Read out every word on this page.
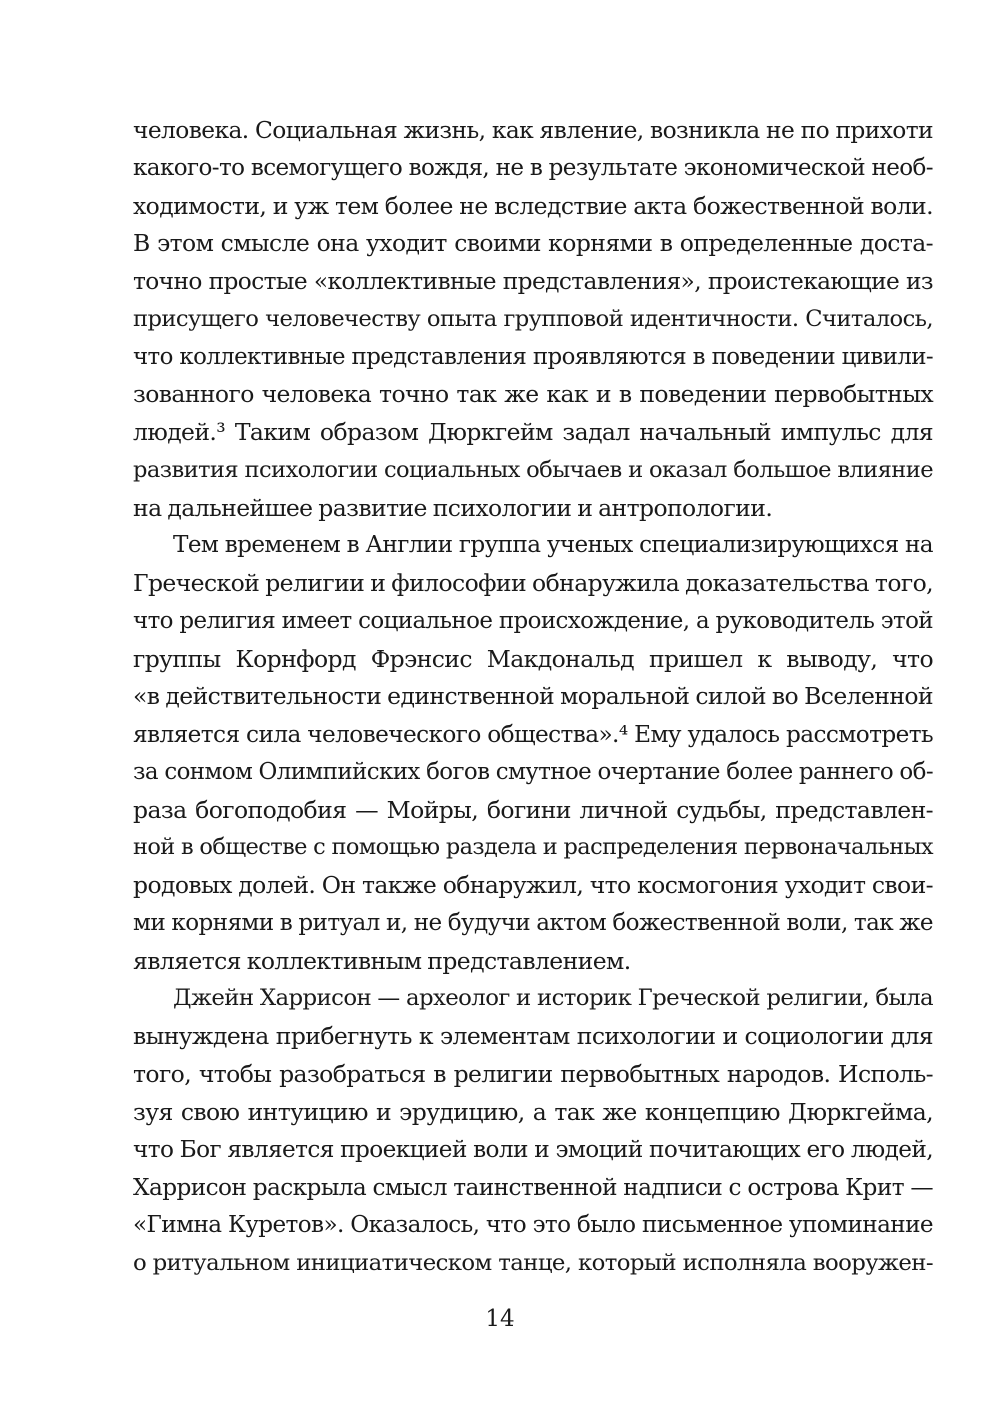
человека. Социальная жизнь, как явление, возникла не по прихоти
какого-то всемогущего вождя, не в результате экономической необ-
ходимости, и уж тем более не вследствие акта божественной воли.
В этом смысле она уходит своими корнями в определенные доста-
точно простые «коллективные представления», проистекающие из
присущего человечеству опыта групповой идентичности. Считалось,
что коллективные представления проявляются в поведении цивили-
зованного человека точно так же как и в поведении первобытных
людей.³ Таким образом Дюркгейм задал начальный импульс для
развития психологии социальных обычаев и оказал большое влияние
на дальнейшее развитие психологии и антропологии.
Тем временем в Англии группа ученых специализирующихся на
Греческой религии и философии обнаружила доказательства того,
что религия имеет социальное происхождение, а руководитель этой
группы Корнфорд Фрэнсис Макдональд пришел к выводу, что
«в действительности единственной моральной силой во Вселенной
является сила человеческого общества».⁴ Ему удалось рассмотреть
за сонмом Олимпийских богов смутное очертание более раннего об-
раза богоподобия — Мойры, богини личной судьбы, представлен-
ной в обществе с помощью раздела и распределения первоначальных
родовых долей. Он также обнаружил, что космогония уходит свои-
ми корнями в ритуал и, не будучи актом божественной воли, так же
является коллективным представлением.
Джейн Харрисон — археолог и историк Греческой религии, была
вынуждена прибегнуть к элементам психологии и социологии для
того, чтобы разобраться в религии первобытных народов. Исполь-
зуя свою интуицию и эрудицию, а так же концепцию Дюркгейма,
что Бог является проекцией воли и эмоций почитающих его людей,
Харрисон раскрыла смысл таинственной надписи с острова Крит —
«Гимна Куретов». Оказалось, что это было письменное упоминание
о ритуальном инициатическом танце, который исполняла вооружен-
14
